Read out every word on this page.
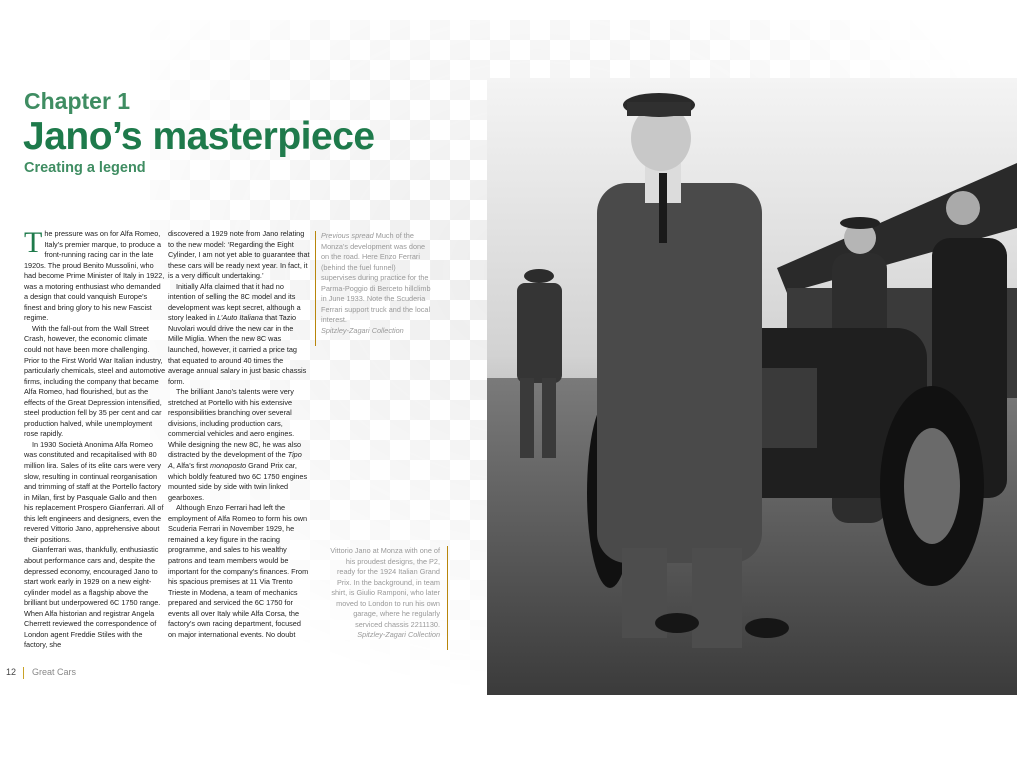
Chapter 1
Jano’s masterpiece
Creating a legend

The pressure was on for Alfa Romeo, Italy’s premier marque, to produce a front-running racing car in the late 1920s. The proud Benito Mussolini, who had become Prime Minister of Italy in 1922, was a motoring enthusiast who demanded a design that could vanquish Europe’s finest and bring glory to his new Fascist regime.

With the fall-out from the Wall Street Crash, however, the economic climate could not have been more challenging. Prior to the First World War Italian industry, particularly chemicals, steel and automotive firms, including the company that became Alfa Romeo, had flourished, but as the effects of the Great Depression intensified, steel production fell by 35 per cent and car production halved, while unemployment rose rapidly.

In 1930 Società Anonima Alfa Romeo was constituted and recapitalised with 80 million lira. Sales of its elite cars were very slow, resulting in continual reorganisation and trimming of staff at the Portello factory in Milan, first by Pasquale Gallo and then his replacement Prospero Gianferrari. All of this left engineers and designers, even the revered Vittorio Jano, apprehensive about their positions.

Gianferrari was, thankfully, enthusiastic about performance cars and, despite the depressed economy, encouraged Jano to start work early in 1929 on a new eight-cylinder model as a flagship above the brilliant but underpowered 6C 1750 range. When Alfa historian and registrar Angela Cherrett reviewed the correspondence of London agent Freddie Stiles with the factory, she

discovered a 1929 note from Jano relating to the new model: ‘Regarding the Eight Cylinder, I am not yet able to guarantee that these cars will be ready next year. In fact, it is a very difficult undertaking.’

Initially Alfa claimed that it had no intention of selling the 8C model and its development was kept secret, although a story leaked in L’Auto Italiana that Tazio Nuvolari would drive the new car in the Mille Miglia. When the new 8C was launched, however, it carried a price tag that equated to around 40 times the average annual salary in just basic chassis form.

The brilliant Jano’s talents were very stretched at Portello with his extensive responsibilities branching over several divisions, including production cars, commercial vehicles and aero engines. While designing the new 8C, he was also distracted by the development of the Tipo A, Alfa’s first monoposto Grand Prix car, which boldly featured two 6C 1750 engines mounted side by side with twin linked gearboxes.

Although Enzo Ferrari had left the employment of Alfa Romeo to form his own Scuderia Ferrari in November 1929, he remained a key figure in the racing programme, and sales to his wealthy patrons and team members would be important for the company’s finances. From his spacious premises at 11 Via Trento Trieste in Modena, a team of mechanics prepared and serviced the 6C 1750 for events all over Italy while Alfa Corsa, the factory’s own racing department, focused on major international events. No doubt

Previous spread Much of the Monza’s development was done on the road. Here Enzo Ferrari (behind the fuel funnel) supervises during practice for the Parma-Poggio di Berceto hillclimb in June 1933. Note the Scuderia Ferrari support truck and the local interest.
Spitzley-Zagari Collection
Vittorio Jano at Monza with one of his proudest designs, the P2, ready for the 1924 Italian Grand Prix. In the background, in team shirt, is Giulio Ramponi, who later moved to London to run his own garage, where he regularly serviced chassis 2211130.
Spitzley-Zagari Collection
12 Great Cars
